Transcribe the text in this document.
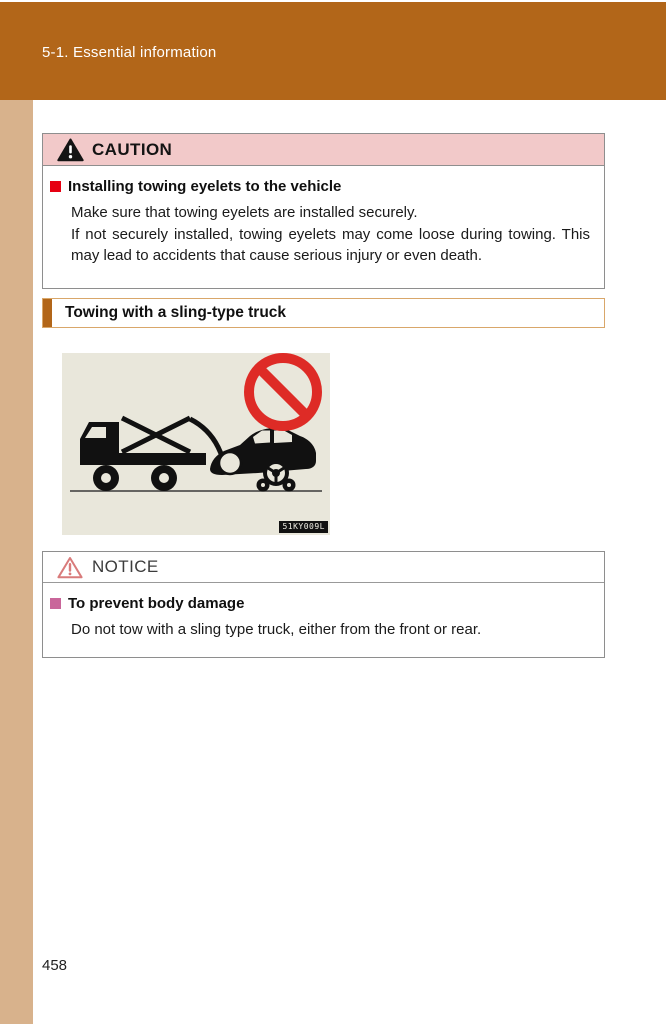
5-1. Essential information
CAUTION
Installing towing eyelets to the vehicle
Make sure that towing eyelets are installed securely.
If not securely installed, towing eyelets may come loose during towing. This may lead to accidents that cause serious injury or even death.
Towing with a sling-type truck
51KY009L
NOTICE
To prevent body damage
Do not tow with a sling type truck, either from the front or rear.
458
